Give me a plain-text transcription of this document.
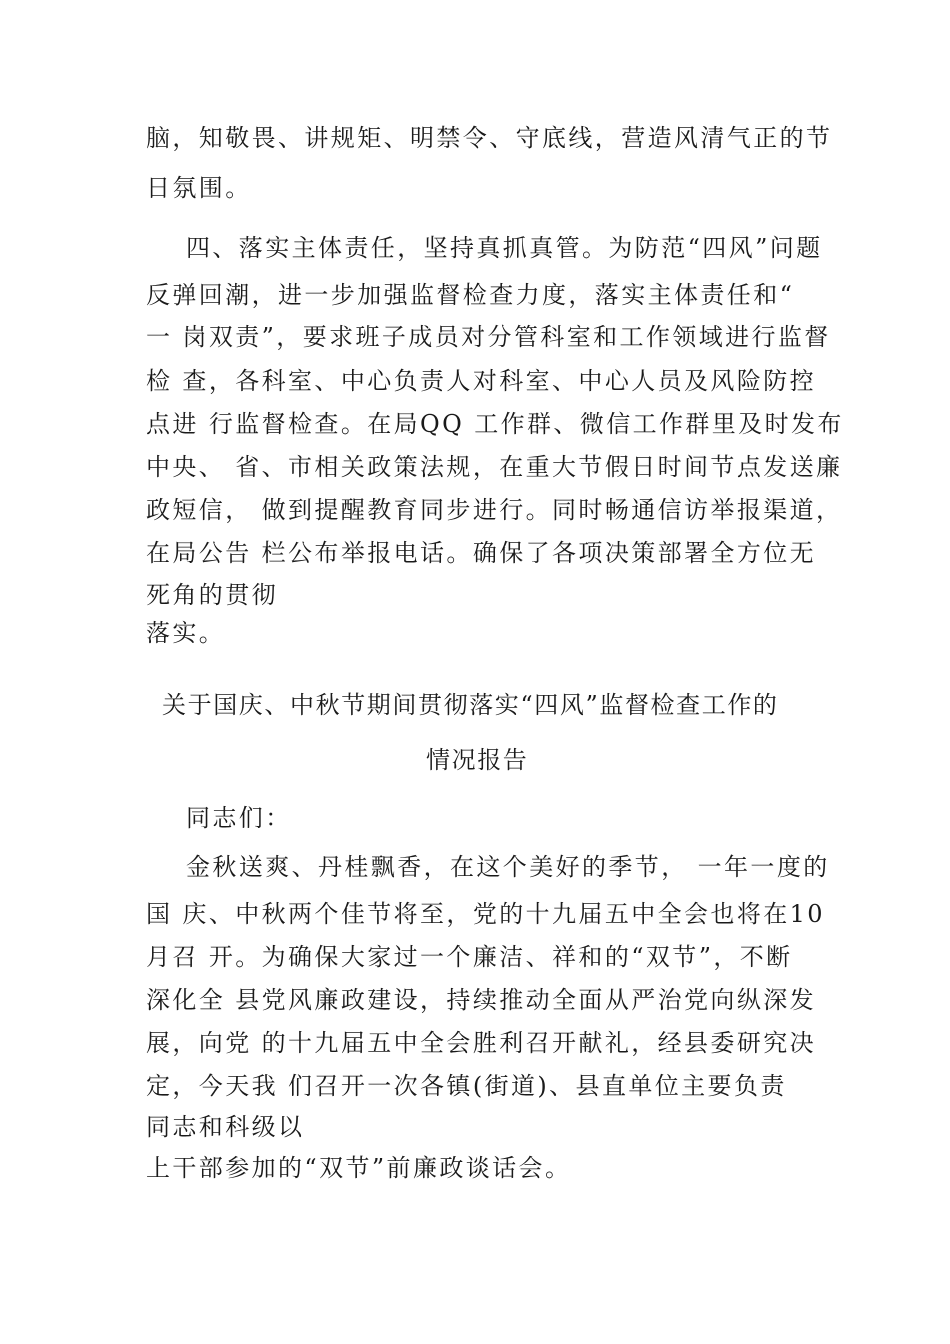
脑，知敬畏、讲规矩、明禁令、守底线，营造风清气正的节
日氛围。
四、落实主体责任，坚持真抓真管。为防范“四风”问题
反弹回潮，进一步加强监督检查力度，落实主体责任和“
一 岗双责”，要求班子成员对分管科室和工作领域进行监督
检 查，各科室、中心负责人对科室、中心人员及风险防控
点进 行监督检查。在局QQ 工作群、微信工作群里及时发布
中央、 省、市相关政策法规，在重大节假日时间节点发送廉
政短信， 做到提醒教育同步进行。同时畅通信访举报渠道，
在局公告 栏公布举报电话。确保了各项决策部署全方位无
死角的贯彻
落实。
关于国庆、中秋节期间贯彻落实“四风”监督检查工作的
情况报告
同志们：
金秋送爽、丹桂飘香，在这个美好的季节， 一年一度的
国 庆、中秋两个佳节将至，党的十九届五中全会也将在10
月召 开。为确保大家过一个廉洁、祥和的“双节”，不断
深化全 县党风廉政建设，持续推动全面从严治党向纵深发
展，向党 的十九届五中全会胜利召开献礼，经县委研究决
定，今天我 们召开一次各镇(街道)、县直单位主要负责
同志和科级以
上干部参加的“双节”前廉政谈话会。
